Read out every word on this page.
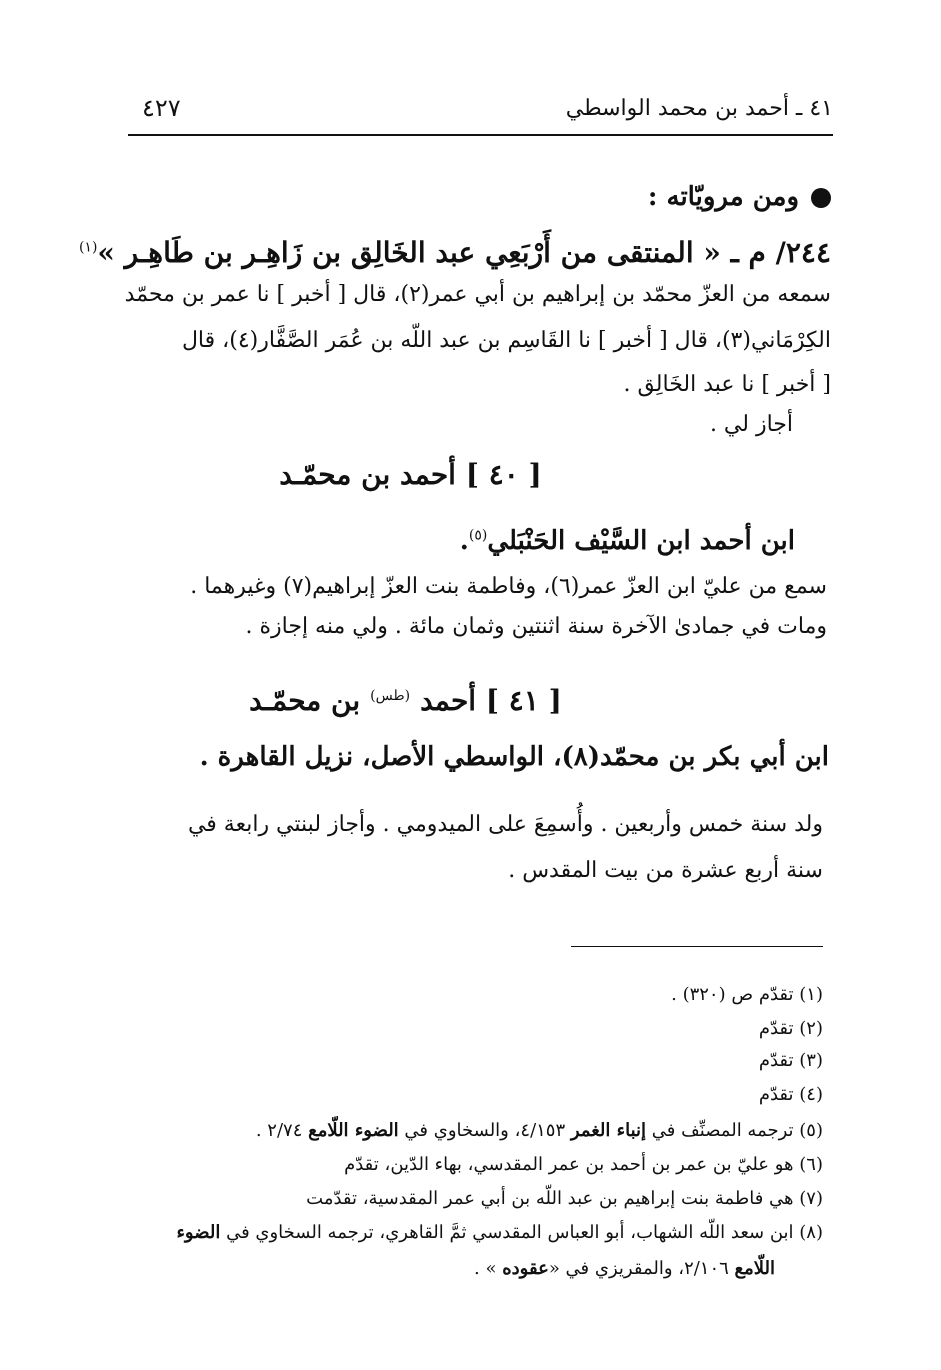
٤١ ـ أحمد بن محمد الواسطي
٤٢٧
ومن مرويّاته :
٢٤٤/ م ـ « المنتقى من أَرْبَعِي عبد الخَالِق بن زَاهِـر بن طَاهِـر »$^{(١)}$
سمعه من العزّ محمّد بن إبراهيم بن أبي عمر(٢)، قال [ أخبر ] نا عمر بن محمّد
الكِرْمَاني(٣)، قال [ أخبر ] نا القَاسِم بن عبد اللّه بن عُمَر الصَّفَّار(٤)، قال
[ أخبر ] نا عبد الخَالِق .
أجاز لي .
[ ٤٠ ] أحمد بن محمّـد
ابن أحمد ابن السَّيْف الحَنْبَلي$^{(٥)}$.
سمع من عليّ ابن العزّ عمر(٦)، وفاطمة بنت العزّ إبراهيم(٧) وغيرهما .
ومات في جمادىٰ الآخرة سنة اثنتين وثمان مائة . ولي منه إجازة .
[ ٤١ ] أحمد$^{(طس)}$بن محمّـد
ابن أبي بكر بن محمّد(٨)، الواسطي الأصل، نزيل القاهرة .
ولد سنة خمس وأربعين . وأُسمِعَ على الميدومي . وأجاز لبنتي رابعة في
سنة أربع عشرة من بيت المقدس .
(١) تقدّم ص (٣٢٠) .
(٢) تقدّم
(٣) تقدّم
(٤) تقدّم
(٥) ترجمه المصنِّف في إنباء الغمر ٤/١٥٣، والسخاوي في الضوء اللّامع ٢/٧٤ .
(٦) هو عليّ بن عمر بن أحمد بن عمر المقدسي، بهاء الدّين، تقدّم
(٧) هي فاطمة بنت إبراهيم بن عبد اللّه بن أبي عمر المقدسية، تقدّمت
(٨) ابن سعد اللّه الشهاب، أبو العباس المقدسي ثمَّ القاهري، ترجمه السخاوي في الضوء
اللّامع ٢/١٠٦، والمقريزي في «عقوده » .
